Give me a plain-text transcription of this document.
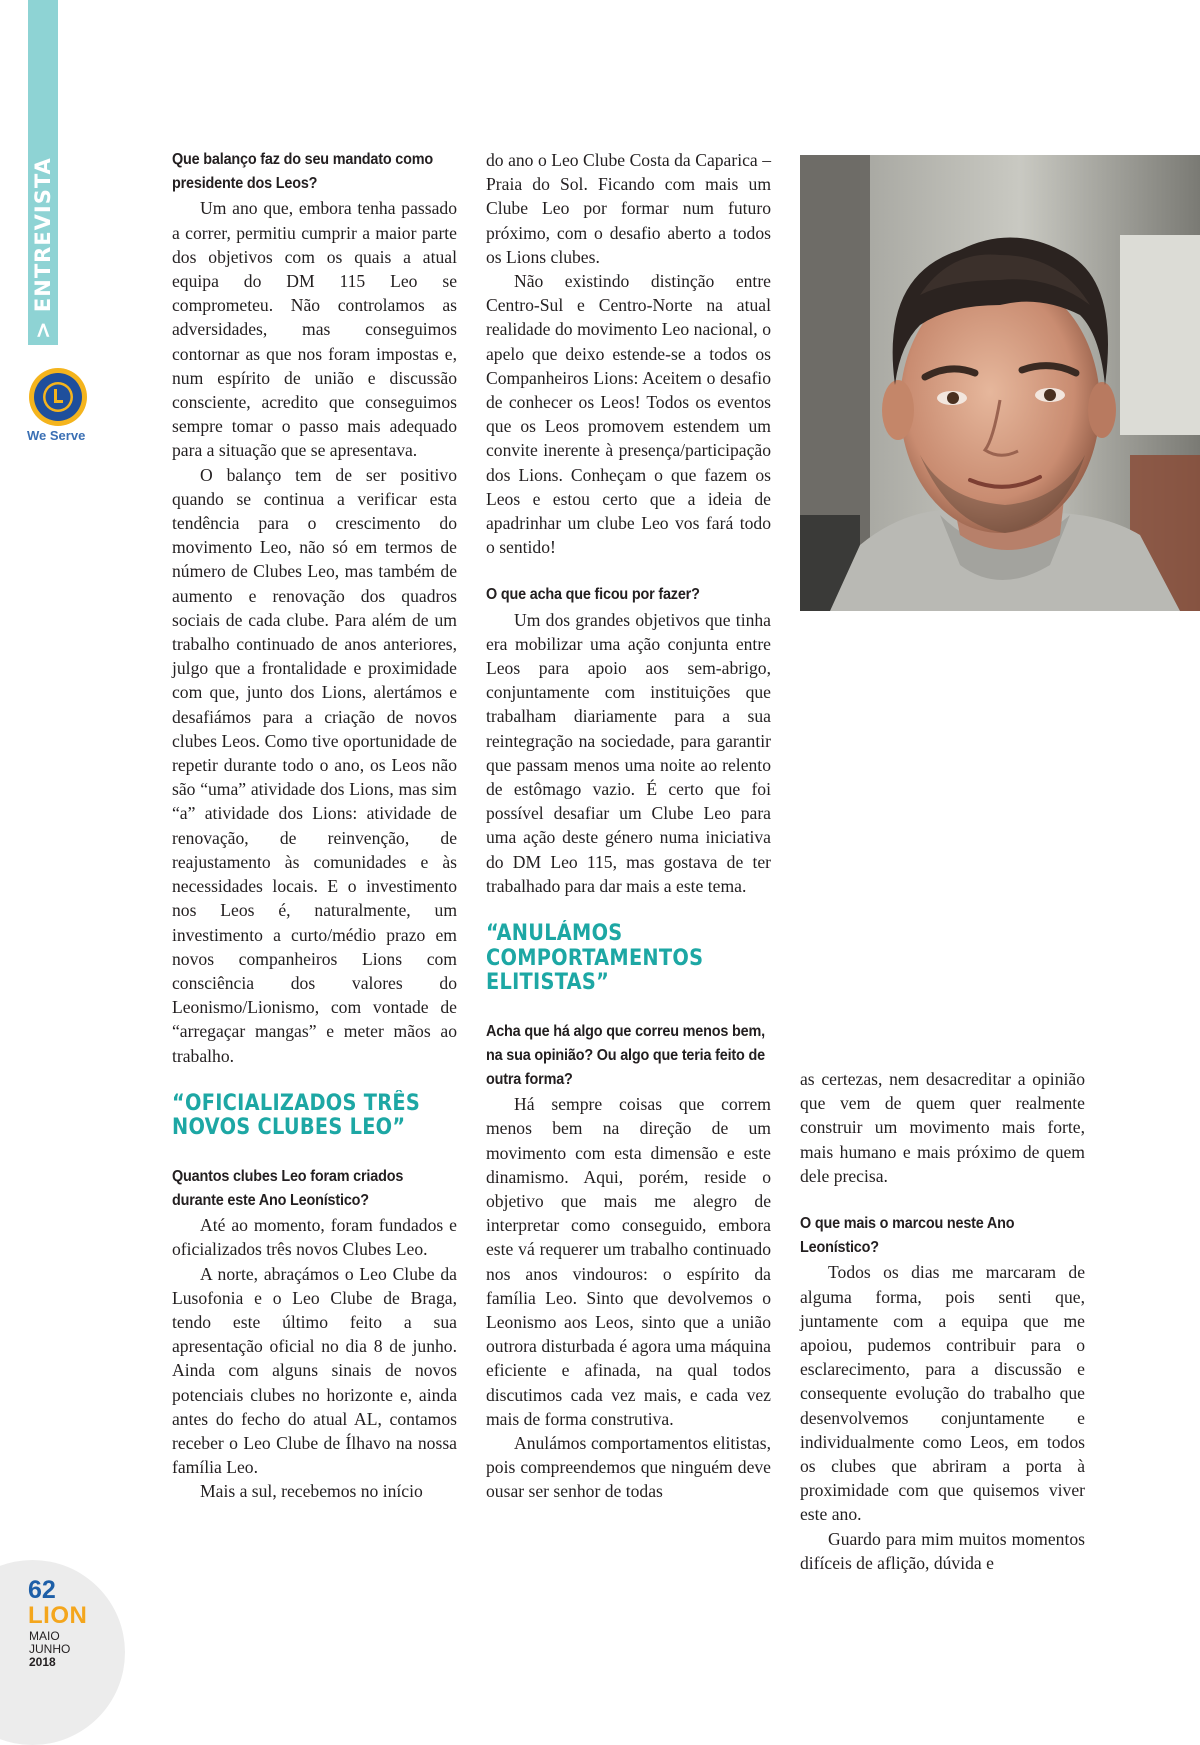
We Serve

Que balanço faz do seu mandato como presidente dos Leos?

Um ano que, embora tenha passado a correr, permitiu cumprir a maior parte dos objetivos com os quais a atual equipa do DM 115 Leo se comprometeu. Não controlamos as adversidades, mas conseguimos contornar as que nos foram impostas e, num espírito de união e discussão consciente, acredito que conseguimos sempre tomar o passo mais adequado para a situação que se apresentava.

O balanço tem de ser positivo quando se continua a verificar esta tendência para o crescimento do movimento Leo, não só em termos de número de Clubes Leo, mas também de aumento e renovação dos quadros sociais de cada clube. Para além de um trabalho continuado de anos anteriores, julgo que a frontalidade e proximidade com que, junto dos Lions, alertámos e desafiámos para a criação de novos clubes Leos. Como tive oportunidade de repetir durante todo o ano, os Leos não são “uma” atividade dos Lions, mas sim “a” atividade dos Lions: atividade de renovação, de reinvenção, de reajustamento às comunidades e às necessidades locais. E o investimento nos Leos é, naturalmente, um investimento a curto/médio prazo em novos companheiros Lions com consciência dos valores do Leonismo/Lionismo, com vontade de “arregaçar mangas” e meter mãos ao trabalho.

“OFICIALIZADOS TRÊS NOVOS CLUBES LEO”

Quantos clubes Leo foram criados durante este Ano Leonístico?

Até ao momento, foram fundados e oficializados três novos Clubes Leo.

A norte, abraçámos o Leo Clube da Lusofonia e o Leo Clube de Braga, tendo este último feito a sua apresentação oficial no dia 8 de junho. Ainda com alguns sinais de novos potenciais clubes no horizonte e, ainda antes do fecho do atual AL, contamos receber o Leo Clube de Ílhavo na nossa família Leo.

Mais a sul, recebemos no início

do ano o Leo Clube Costa da Caparica – Praia do Sol. Ficando com mais um Clube Leo por formar num futuro próximo, com o desafio aberto a todos os Lions clubes.

Não existindo distinção entre Centro-Sul e Centro-Norte na atual realidade do movimento Leo nacional, o apelo que deixo estende-se a todos os Companheiros Lions: Aceitem o desafio de conhecer os Leos! Todos os eventos que os Leos promovem estendem um convite inerente à presença/participação dos Lions. Conheçam o que fazem os Leos e estou certo que a ideia de apadrinhar um clube Leo vos fará todo o sentido!

O que acha que ficou por fazer?

Um dos grandes objetivos que tinha era mobilizar uma ação conjunta entre Leos para apoio aos sem-abrigo, conjuntamente com instituições que trabalham diariamente para a sua reintegração na sociedade, para garantir que passam menos uma noite ao relento de estômago vazio. É certo que foi possível desafiar um Clube Leo para uma ação deste género numa iniciativa do DM Leo 115, mas gostava de ter trabalhado para dar mais a este tema.

“ANULÁMOS COMPORTAMENTOS ELITISTAS”

Acha que há algo que correu menos bem, na sua opinião? Ou algo que teria feito de outra forma?

Há sempre coisas que correm menos bem na direção de um movimento com esta dimensão e este dinamismo. Aqui, porém, reside o objetivo que mais me alegro de interpretar como conseguido, embora este vá requerer um trabalho continuado nos anos vindouros: o espírito da família Leo. Sinto que devolvemos o Leonismo aos Leos, sinto que a união outrora disturbada é agora uma máquina eficiente e afinada, na qual todos discutimos cada vez mais, e cada vez mais de forma construtiva.

Anulámos comportamentos elitistas, pois compreendemos que ninguém deve ousar ser senhor de todas

as certezas, nem desacreditar a opinião que vem de quem quer realmente construir um movimento mais forte, mais humano e mais próximo de quem dele precisa.

O que mais o marcou neste Ano Leonístico?

Todos os dias me marcaram de alguma forma, pois senti que, juntamente com a equipa que me apoiou, pudemos contribuir para o esclarecimento, para a discussão e consequente evolução do trabalho que desenvolvemos conjuntamente e individualmente como Leos, em todos os clubes que abriram a porta à proximidade com que quisemos viver este ano.

Guardo para mim muitos momentos difíceis de aflição, dúvida e

62
LION
MAIO
JUNHO
2018
